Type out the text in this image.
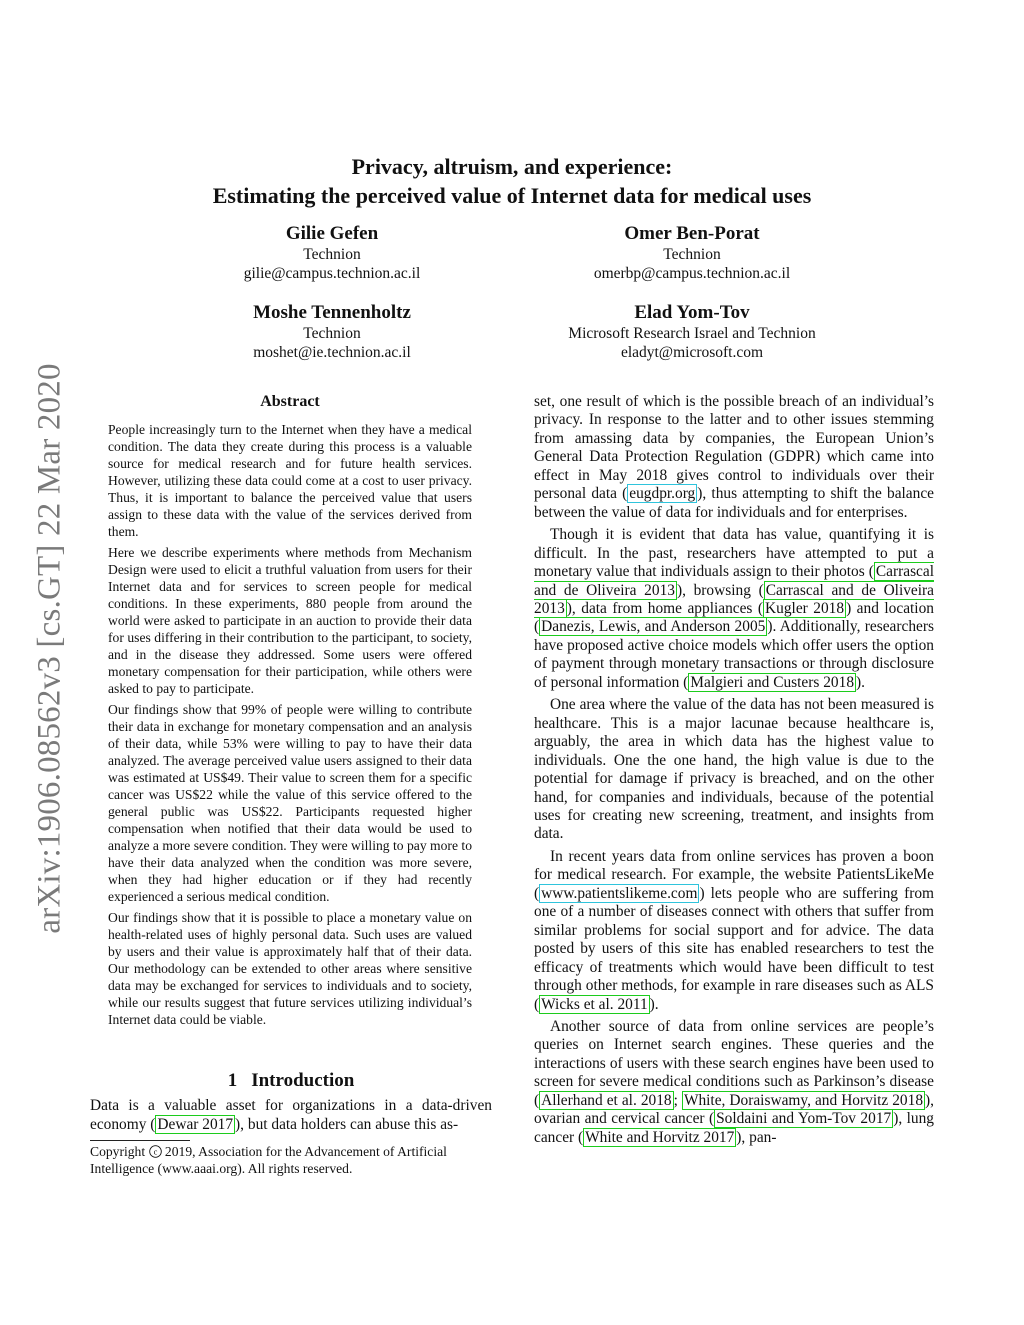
arXiv:1906.08562v3 [cs.GT] 22 Mar 2020
Privacy, altruism, and experience:
Estimating the perceived value of Internet data for medical uses
Gilie Gefen
Technion
gilie@campus.technion.ac.il
Omer Ben-Porat
Technion
omerbp@campus.technion.ac.il
Moshe Tennenholtz
Technion
moshet@ie.technion.ac.il
Elad Yom-Tov
Microsoft Research Israel and Technion
eladyt@microsoft.com
Abstract

People increasingly turn to the Internet when they have a medical condition. The data they create during this process is a valuable source for medical research and for future health services. However, utilizing these data could come at a cost to user privacy. Thus, it is important to balance the perceived value that users assign to these data with the value of the services derived from them.

Here we describe experiments where methods from Mechanism Design were used to elicit a truthful valuation from users for their Internet data and for services to screen people for medical conditions. In these experiments, 880 people from around the world were asked to participate in an auction to provide their data for uses differing in their contribution to the participant, to society, and in the disease they addressed. Some users were offered monetary compensation for their participation, while others were asked to pay to participate.

Our findings show that 99% of people were willing to contribute their data in exchange for monetary compensation and an analysis of their data, while 53% were willing to pay to have their data analyzed. The average perceived value users assigned to their data was estimated at US$49. Their value to screen them for a specific cancer was US$22 while the value of this service offered to the general public was US$22. Participants requested higher compensation when notified that their data would be used to analyze a more severe condition. They were willing to pay more to have their data analyzed when the condition was more severe, when they had higher education or if they had recently experienced a serious medical condition.

Our findings show that it is possible to place a monetary value on health-related uses of highly personal data. Such uses are valued by users and their value is approximately half that of their data. Our methodology can be extended to other areas where sensitive data may be exchanged for services to individuals and to society, while our results suggest that future services utilizing individual’s Internet data could be viable.

1 Introduction

Data is a valuable asset for organizations in a data-driven economy ( Dewar 2017 ), but data holders can abuse this as-

Copyright c 2019, Association for the Advancement of Artificial Intelligence (www.aaai.org). All rights reserved.

set, one result of which is the possible breach of an individual’s privacy. In response to the latter and to other issues stemming from amassing data by companies, the European Union’s General Data Protection Regulation (GDPR) which came into effect in May 2018 gives control to individuals over their personal data ( eugdpr.org ), thus attempting to shift the balance between the value of data for individuals and for enterprises.

Though it is evident that data has value, quantifying it is difficult. In the past, researchers have attempted to put a monetary value that individuals assign to their photos ( Carrascal and de Oliveira 2013 ), browsing ( Carrascal and de Oliveira 2013 ), data from home appliances ( Kugler 2018 ) and location ( Danezis, Lewis, and Anderson 2005 ). Additionally, researchers have proposed active choice models which offer users the option of payment through monetary transactions or through disclosure of personal information ( Malgieri and Custers 2018 ).

One area where the value of the data has not been measured is healthcare. This is a major lacunae because healthcare is, arguably, the area in which data has the highest value to individuals. One the one hand, the high value is due to the potential for damage if privacy is breached, and on the other hand, for companies and individuals, because of the potential uses for creating new screening, treatment, and insights from data.

In recent years data from online services has proven a boon for medical research. For example, the website PatientsLikeMe ( www.patientslikeme.com ) lets people who are suffering from one of a number of diseases connect with others that suffer from similar problems for social support and for advice. The data posted by users of this site has enabled researchers to test the efficacy of treatments which would have been difficult to test through other methods, for example in rare diseases such as ALS ( Wicks et al. 2011 ).

Another source of data from online services are people’s queries on Internet search engines. These queries and the interactions of users with these search engines have been used to screen for severe medical conditions such as Parkinson’s disease ( Allerhand et al. 2018 ; White, Doraiswamy, and Horvitz 2018 ), ovarian and cervical cancer ( Soldaini and Yom-Tov 2017 ), lung cancer ( White and Horvitz 2017 ), pan-
